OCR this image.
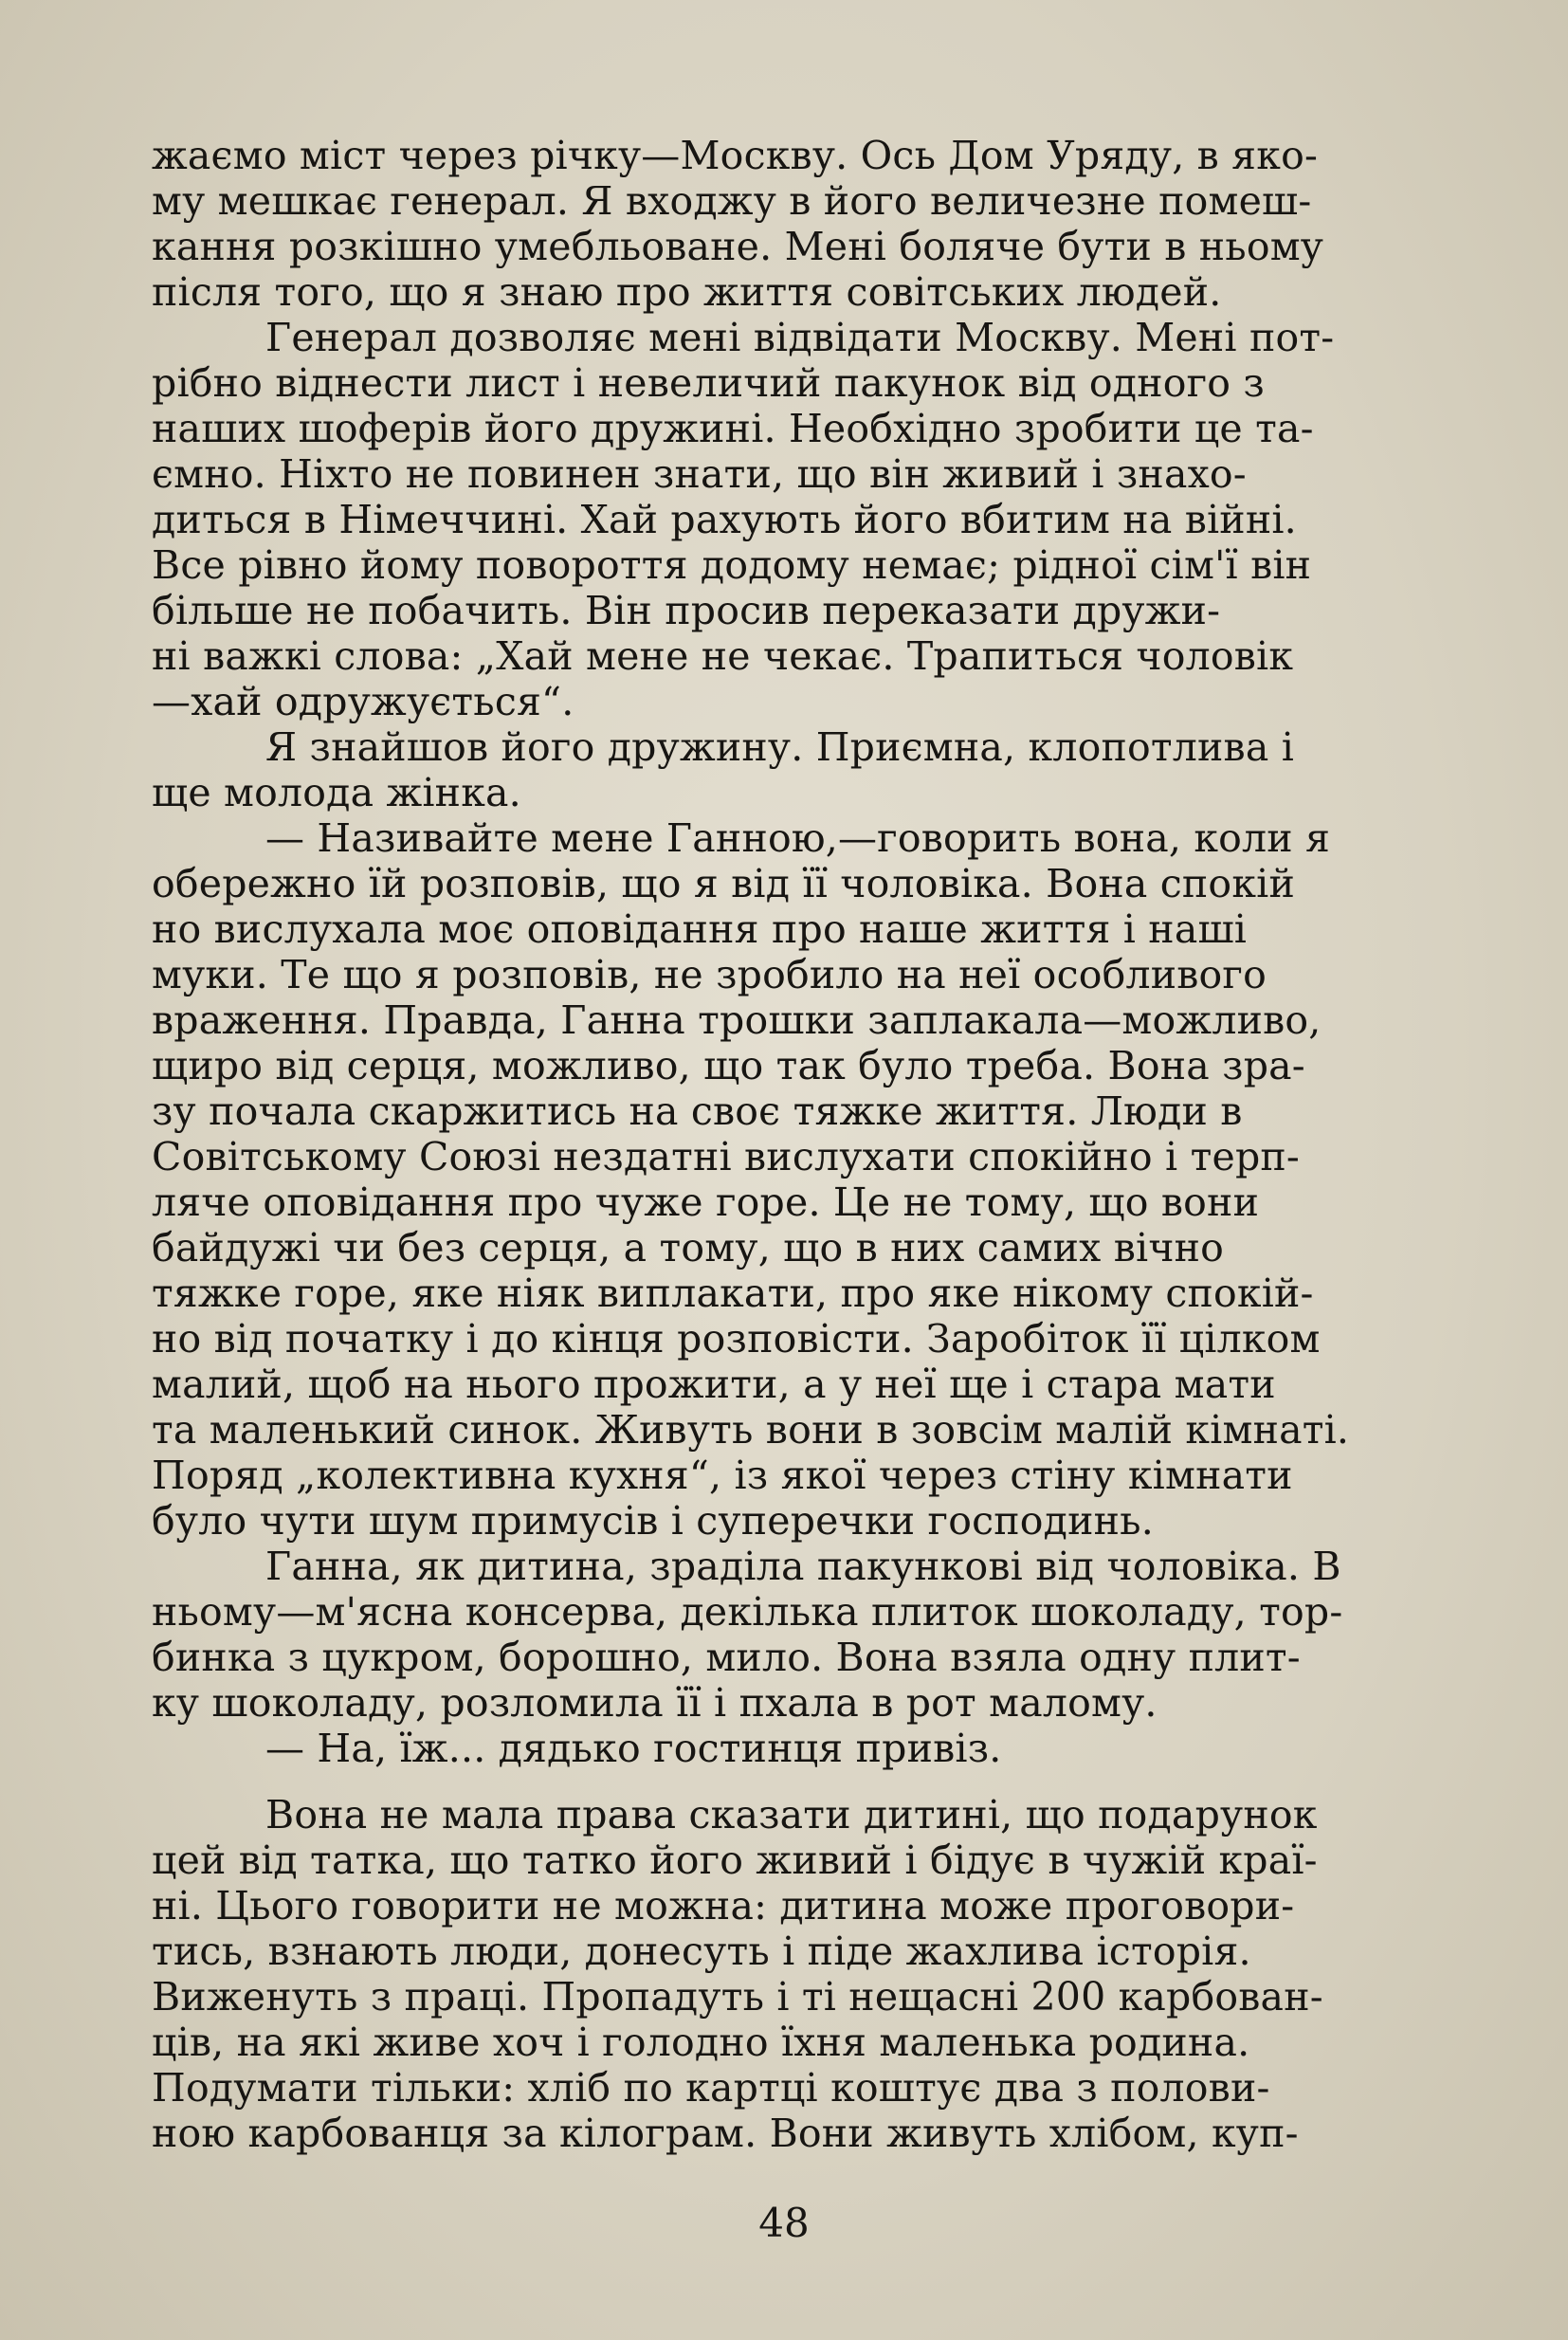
жаємо міст через річку—Москву. Ось Дом Уряду, в яко-
му мешкає генерал. Я входжу в його величезне помеш-
кання розкішно умебльоване. Мені боляче бути в ньому
після того, що я знаю про життя совітських людей.

Генерал дозволяє мені відвідати Москву. Мені пот-
рібно віднести лист і невеличий пакунок від одного з
наших шоферів його дружині. Необхідно зробити це та-
ємно. Ніхто не повинен знати, що він живий і знахо-
диться в Німеччині. Хай рахують його вбитим на війні.
Все рівно йому повороття додому немає; рідної сім'ї він
більше не побачить. Він просив переказати дружи-
ні важкі слова: „Хай мене не чекає. Трапиться чоловік
—хай одружується“.

Я знайшов його дружину. Приємна, клопотлива і
ще молода жінка.

— Називайте мене Ганною,—говорить вона, коли я
обережно їй розповів, що я від її чоловіка. Вона спокій
но вислухала моє оповідання про наше життя і наші
муки. Те що я розповів, не зробило на неї особливого
враження. Правда, Ганна трошки заплакала—можливо,
щиро від серця, можливо, що так було треба. Вона зра-
зу почала скаржитись на своє тяжке життя. Люди в
Совітському Союзі нездатні вислухати спокійно і терп-
ляче оповідання про чуже горе. Це не тому, що вони
байдужі чи без серця, а тому, що в них самих вічно
тяжке горе, яке ніяк виплакати, про яке нікому спокій-
но від початку і до кінця розповісти. Заробіток її цілком
малий, щоб на нього прожити, а у неї ще і стара мати
та маленький синок. Живуть вони в зовсім малій кімнаті.
Поряд „колективна кухня“, із якої через стіну кімнати
було чути шум примусів і суперечки господинь.

Ганна, як дитина, зраділа пакункові від чоловіка. В
ньому—м'ясна консерва, декілька плиток шоколаду, тор-
бинка з цукром, борошно, мило. Вона взяла одну плит-
ку шоколаду, розломила її і пхала в рот малому.

— На, їж... дядько гостинця привіз.

Вона не мала права сказати дитині, що подарунок
цей від татка, що татко його живий і бідує в чужій краї-
ні. Цього говорити не можна: дитина може проговори-
тись, взнають люди, донесуть і піде жахлива історія.
Виженуть з праці. Пропадуть і ті нещасні 200 карбован-
ців, на які живе хоч і голодно їхня маленька родина.
Подумати тільки: хліб по картці коштує два з полови-
ною карбованця за кілограм. Вони живуть хлібом, куп-

48
